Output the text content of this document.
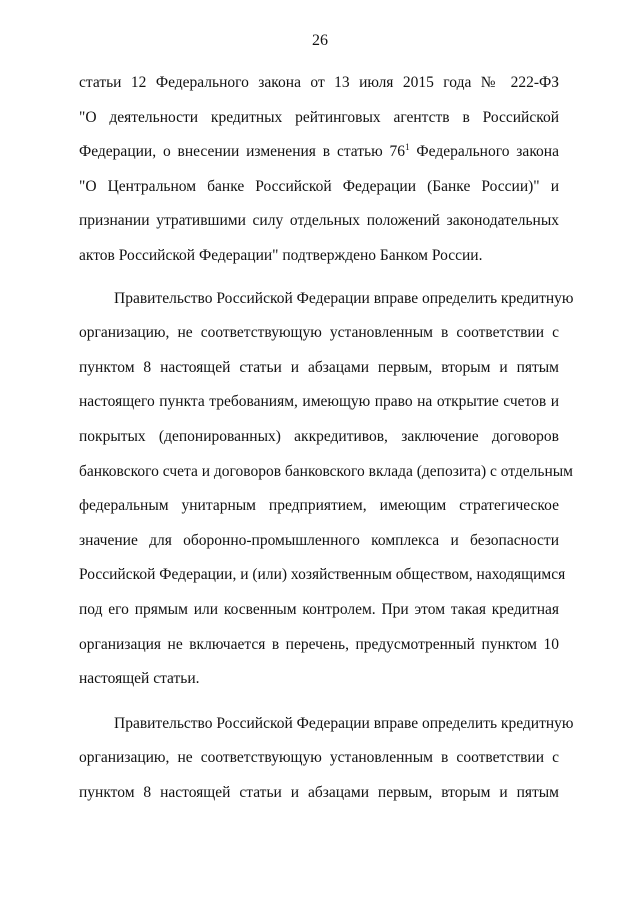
26

статьи 12 Федерального закона от 13 июля 2015 года № 222-ФЗ
"О деятельности кредитных рейтинговых агентств в Российской
Федерации, о внесении изменения в статью $76^1$ Федерального закона
"О Центральном банке Российской Федерации (Банке России)" и
признании утратившими силу отдельных положений законодательных
актов Российской Федерации" подтверждено Банком России.

Правительство Российской Федерации вправе определить кредитную
организацию, не соответствующую установленным в соответствии с
пунктом 8 настоящей статьи и абзацами первым, вторым и пятым
настоящего пункта требованиям, имеющую право на открытие счетов и
покрытых (депонированных) аккредитивов, заключение договоров
банковского счета и договоров банковского вклада (депозита) с отдельным
федеральным унитарным предприятием, имеющим стратегическое
значение для оборонно-промышленного комплекса и безопасности
Российской Федерации, и (или) хозяйственным обществом, находящимся
под его прямым или косвенным контролем. При этом такая кредитная
организация не включается в перечень, предусмотренный пунктом 10
настоящей статьи.

Правительство Российской Федерации вправе определить кредитную
организацию, не соответствующую установленным в соответствии с
пунктом 8 настоящей статьи и абзацами первым, вторым и пятым
